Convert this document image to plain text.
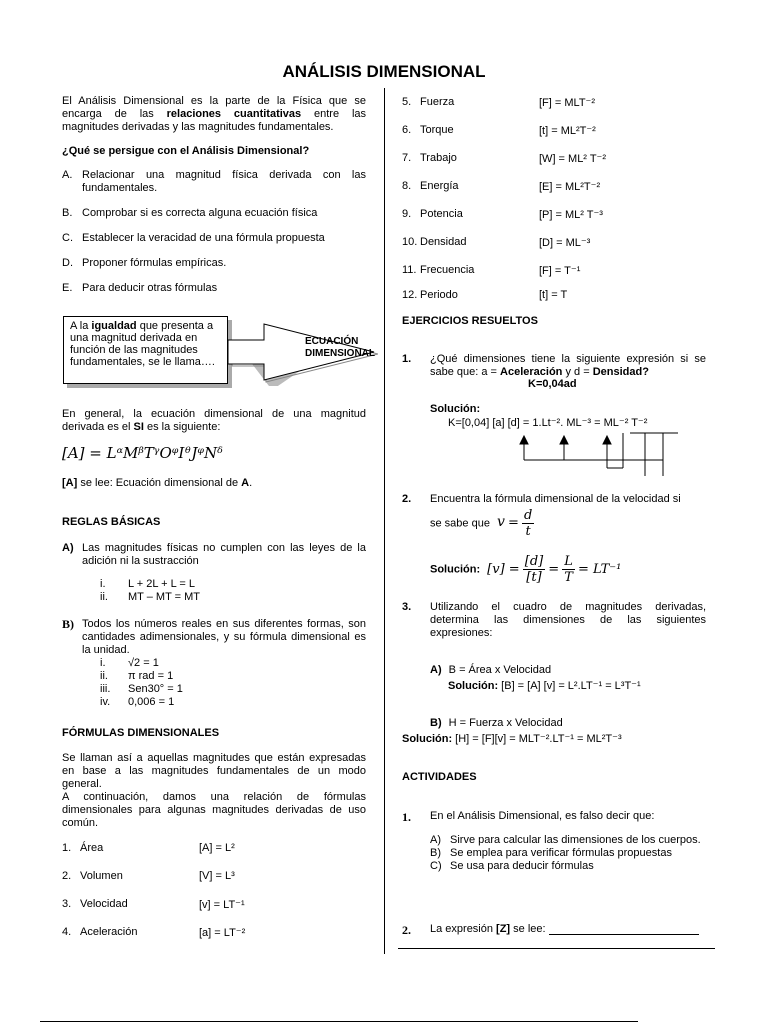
ANÁLISIS DIMENSIONAL
El Análisis Dimensional es la parte de la Física que se encarga de las relaciones cuantitativas entre las magnitudes derivadas y las magnitudes fundamentales.
¿Qué se persigue con el Análisis Dimensional?
A. Relacionar una magnitud física derivada con las fundamentales.
B. Comprobar si es correcta alguna ecuación física
C. Establecer la veracidad de una fórmula propuesta
D. Proponer fórmulas empíricas.
E. Para deducir otras fórmulas
A la igualdad que presenta a una magnitud derivada en función de las magnitudes fundamentales, se le llama….
ECUACIÓN
DIMENSIONAL
En general, la ecuación dimensional de una magnitud derivada es el SI es la siguiente:
[A] = LᵅMᵝTᵞOᵠIᶿJᵠNᵟ
[A] se lee: Ecuación dimensional de A.
REGLAS BÁSICAS
A) Las magnitudes físicas no cumplen con las leyes de la adición ni la sustracción
i.	L + 2L + L = L
ii.	MT – MT = MT
B) Todos los números reales en sus diferentes formas, son cantidades adimensionales, y su fórmula dimensional es la unidad.
i.	√2 = 1
ii.	π rad = 1
iii.	Sen30° = 1
iv.	0,006 = 1
FÓRMULAS DIMENSIONALES
Se llaman así a aquellas magnitudes que están expresadas en base a las magnitudes fundamentales de un modo general.
A continuación, damos una relación de fórmulas dimensionales para algunas magnitudes derivadas de uso común.
1. Área	[A] = L²
2. Volumen	[V] = L³
3. Velocidad	[v] = LT⁻¹
4. Aceleración	[a] = LT⁻²
5. Fuerza	[F] = MLT⁻²
6. Torque	[t] = ML²T⁻²
7. Trabajo	[W] = ML² T⁻²
8. Energía	[E] = ML²T⁻²
9. Potencia	[P] = ML² T⁻³
10. Densidad	[D] = ML⁻³
11. Frecuencia	[F] = T⁻¹
12. Periodo	[t] = T
EJERCICIOS RESUELTOS
1. ¿Qué dimensiones tiene la siguiente expresión si se sabe que: a = Aceleración y d = Densidad?
K=0,04ad
Solución:
K=[0,04] [a] [d] = 1.Lt⁻². ML⁻³ = ML⁻² T⁻²
2. Encuentra la fórmula dimensional de la velocidad si
se sabe que $v = \frac{d}{t}$
Solución: $[v] = \frac{[d]}{[t]} = \frac{L}{T} = LT^{-1}$
3. Utilizando el cuadro de magnitudes derivadas, determina las dimensiones de las siguientes expresiones:
A) B = Área x Velocidad
Solución: [B] = [A] [v] = L².LT⁻¹ = L³T⁻¹
B) H = Fuerza x Velocidad
Solución: [H] = [F][v] = MLT⁻².LT⁻¹ = ML²T⁻³
ACTIVIDADES
1. En el Análisis Dimensional, es falso decir que:
A) Sirve para calcular las dimensiones de los cuerpos.
B) Se emplea para verificar fórmulas propuestas
C) Se usa para deducir fórmulas
2. La expresión [Z] se lee:
